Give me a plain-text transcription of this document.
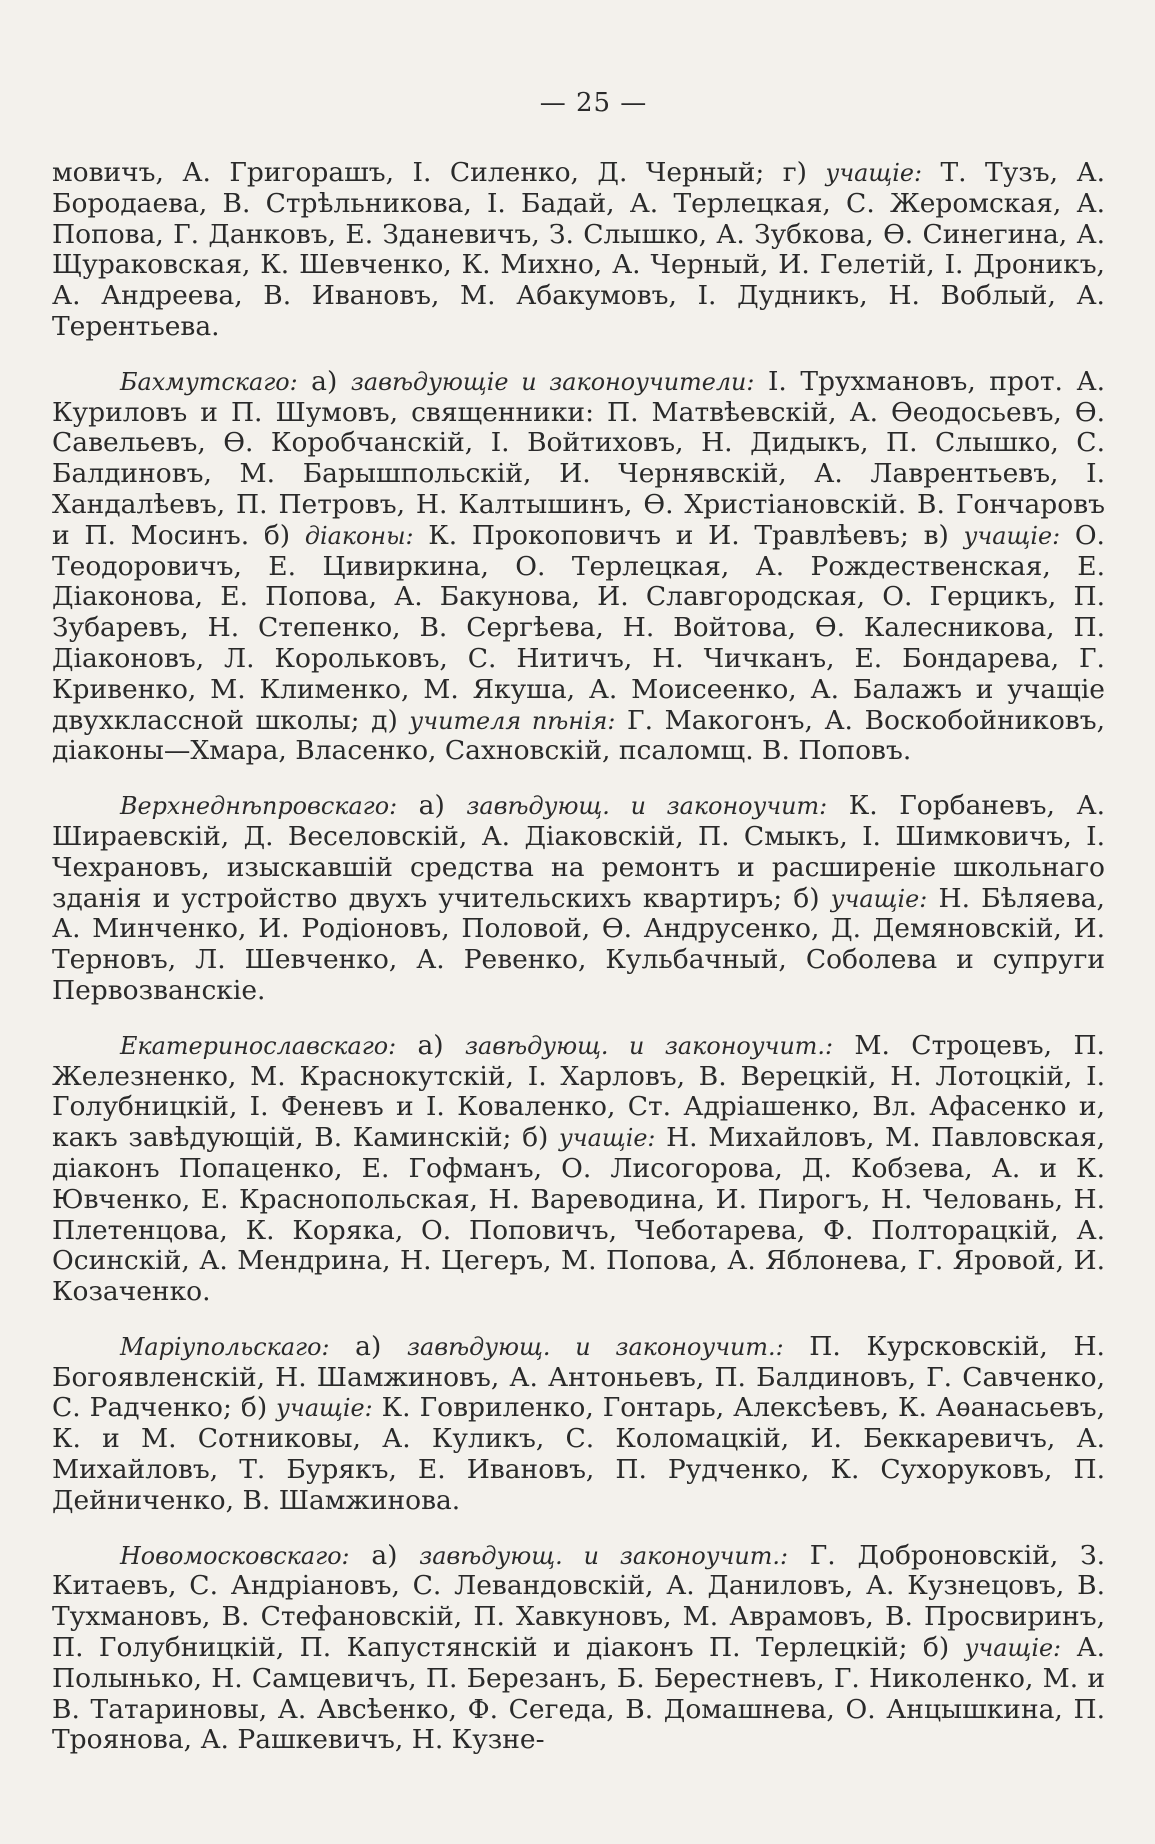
— 25 —

мовичъ, А. Григорашъ, І. Силенко, Д. Черный; г) учащіе: Т. Тузъ, А. Бородаева, В. Стрѣльникова, І. Бадай, А. Терлецкая, С. Жеромская, А. Попова, Г. Данковъ, Е. Зданевичъ, З. Слышко, А. Зубкова, Ѳ. Синегина, А. Щураковская, К. Шевченко, К. Михно, А. Черный, И. Гелетій, І. Дроникъ, А. Андреева, В. Ивановъ, М. Абакумовъ, І. Дудникъ, Н. Воблый, А. Терентьева.

Бахмутскаго: а) завѣдующіе и законоучители: І. Трухмановъ, прот. А. Куриловъ и П. Шумовъ, священники: П. Матвѣевскій, А. Ѳеодосьевъ, Ѳ. Савельевъ, Ѳ. Коробчанскій, І. Войтиховъ, Н. Дидыкъ, П. Слышко, С. Балдиновъ, М. Барышпольскій, И. Чернявскій, А. Лаврентьевъ, І. Хандалѣевъ, П. Петровъ, Н. Калтышинъ, Ѳ. Христіановскій. В. Гончаровъ и П. Мосинъ. б) діаконы: К. Прокоповичъ и И. Травлѣевъ; в) учащіе: О. Теодоровичъ, Е. Цивиркина, О. Терлецкая, А. Рождественская, Е. Діаконова, Е. Попова, А. Бакунова, И. Славгородская, О. Герцикъ, П. Зубаревъ, Н. Степенко, В. Сергѣева, Н. Войтова, Ѳ. Калесникова, П. Діаконовъ, Л. Корольковъ, С. Нитичъ, Н. Чичканъ, Е. Бондарева, Г. Кривенко, М. Клименко, М. Якуша, А. Моисеенко, А. Балажъ и учащіе двухклассной школы; д) учителя пѣнія: Г. Макогонъ, А. Воскобойниковъ, діаконы—Хмара, Власенко, Сахновскій, псаломщ. В. Поповъ.

Верхнеднѣпровскаго: а) завѣдующ. и законоучит: К. Горбаневъ, А. Шираевскій, Д. Веселовскій, А. Діаковскій, П. Смыкъ, І. Шимковичъ, І. Чехрановъ, изыскавшій средства на ремонтъ и расширеніе школьнаго зданія и устройство двухъ учительскихъ квартиръ; б) учащіе: Н. Бѣляева, А. Минченко, И. Родіоновъ, Половой, Ѳ. Андрусенко, Д. Демяновскій, И. Терновъ, Л. Шевченко, А. Ревенко, Кульбачный, Соболева и супруги Первозванскіе.

Екатеринославскаго: а) завѣдующ. и законоучит.: М. Строцевъ, П. Железненко, М. Краснокутскій, І. Харловъ, В. Верецкій, Н. Лотоцкій, І. Голубницкій, І. Феневъ и І. Коваленко, Ст. Адріашенко, Вл. Афасенко и, какъ завѣдующій, В. Каминскій; б) учащіе: Н. Михайловъ, М. Павловская, діаконъ Попаценко, Е. Гофманъ, О. Лисогорова, Д. Кобзева, А. и К. Ювченко, Е. Краснопольская, Н. Вареводина, И. Пирогъ, Н. Человань, Н. Плетенцова, К. Коряка, О. Поповичъ, Чеботарева, Ф. Полторацкій, А. Осинскій, А. Мендрина, Н. Цегеръ, М. Попова, А. Яблонева, Г. Яровой, И. Козаченко.

Маріупольскаго: а) завѣдующ. и законоучит.: П. Курсковскій, Н. Богоявленскій, Н. Шамжиновъ, А. Антоньевъ, П. Балдиновъ, Г. Савченко, С. Радченко; б) учащіе: К. Говриленко, Гонтарь, Алексѣевъ, К. Аѳанасьевъ, К. и М. Сотниковы, А. Куликъ, С. Коломацкій, И. Беккаревичъ, А. Михайловъ, Т. Бурякъ, Е. Ивановъ, П. Рудченко, К. Сухоруковъ, П. Дейниченко, В. Шамжинова.

Новомосковскаго: а) завѣдующ. и законоучит.: Г. Доброновскій, З. Китаевъ, С. Андріановъ, С. Левандовскій, А. Даниловъ, А. Кузнецовъ, В. Тухмановъ, В. Стефановскій, П. Хавкуновъ, М. Аврамовъ, В. Просвиринъ, П. Голубницкій, П. Капустянскій и діаконъ П. Терлецкій; б) учащіе: А. Полынько, Н. Самцевичъ, П. Березанъ, Б. Берестневъ, Г. Николенко, М. и В. Татариновы, А. Авсѣенко, Ф. Сегеда, В. Домашнева, О. Анцышкина, П. Троянова, А. Рашкевичъ, Н. Кузне-
